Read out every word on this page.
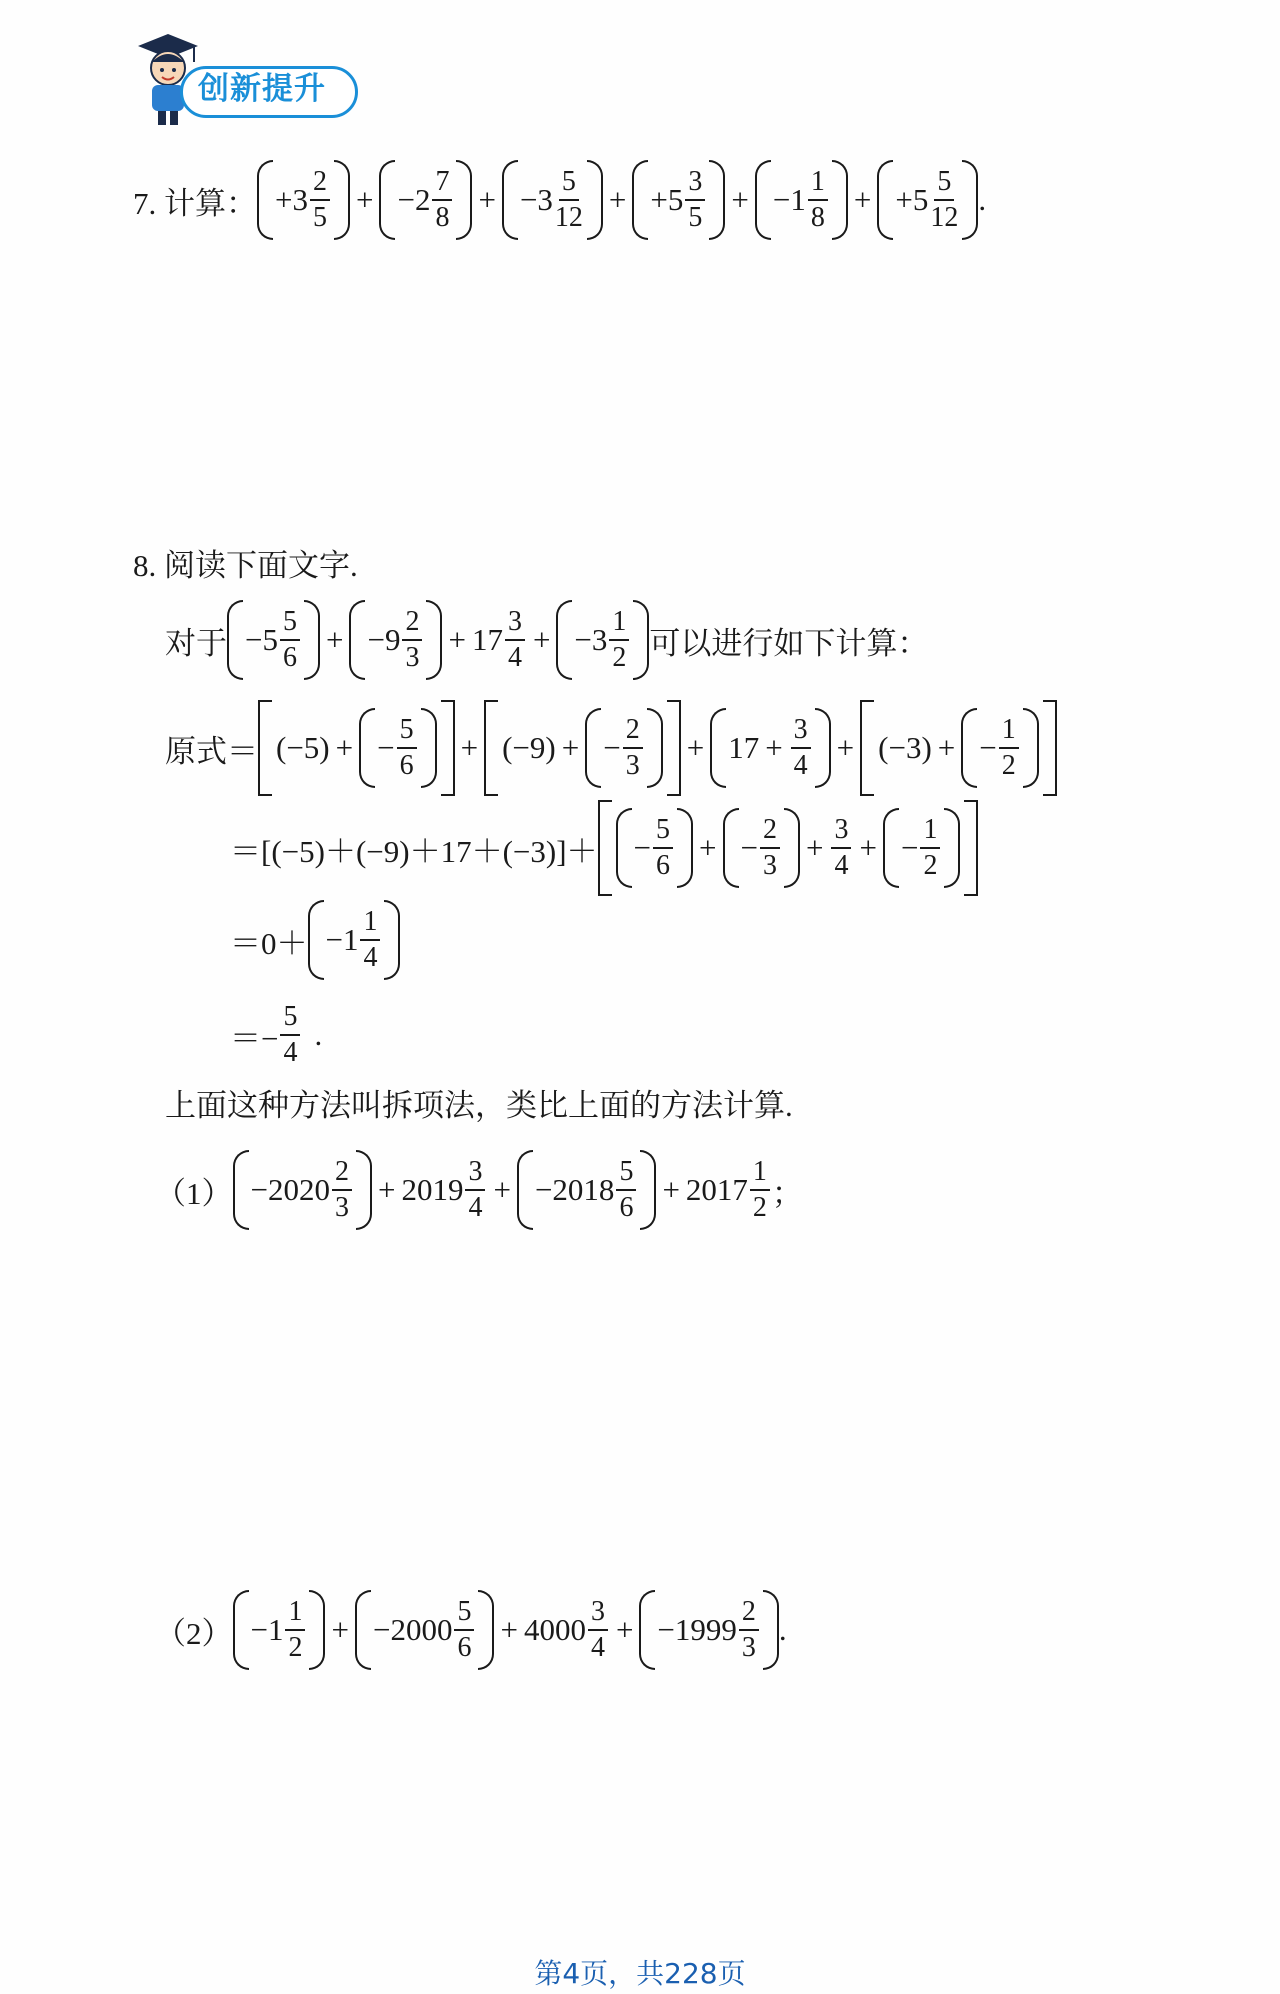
创新提升
7. 计算： $+3 \frac{2}{5} + -2 \frac{7}{8} + -3 \frac{5}{12} + +5 \frac{3}{5} + -1 \frac{1}{8} + +5 \frac{5}{12}$ .
8. 阅读下面文字.
对于 $-5 \frac{5}{6} + -9 \frac{2}{3} + 17 \frac{3}{4} + -3 \frac{1}{2}$ 可以进行如下计算：
原式＝ (−5) + − $\frac{5}{6} + (-9)$ + − $\frac{2}{3} + 17 + \frac{3}{4} + (-3)$ + − $\frac{1}{2}$
$=[(-5)+(-9)+17+(-3)]+ - \frac{5}{6}$ + − $\frac{2}{3} + \frac{3}{4}$ + − $\frac{1}{2}$
$=0+ -1 \frac{1}{4}$
＝− $\frac{5}{4}$ .
上面这种方法叫拆项法，类比上面的方法计算.
$(1) -2020 \frac{2}{3} + 2019 \frac{3}{4} + -2018 \frac{5}{6} + 2017 \frac{1}{2}$ ；
$(2) -1 \frac{1}{2} + -2000 \frac{5}{6} + 4000 \frac{3}{4} + -1999 \frac{2}{3}$ .
第4页，共228页
